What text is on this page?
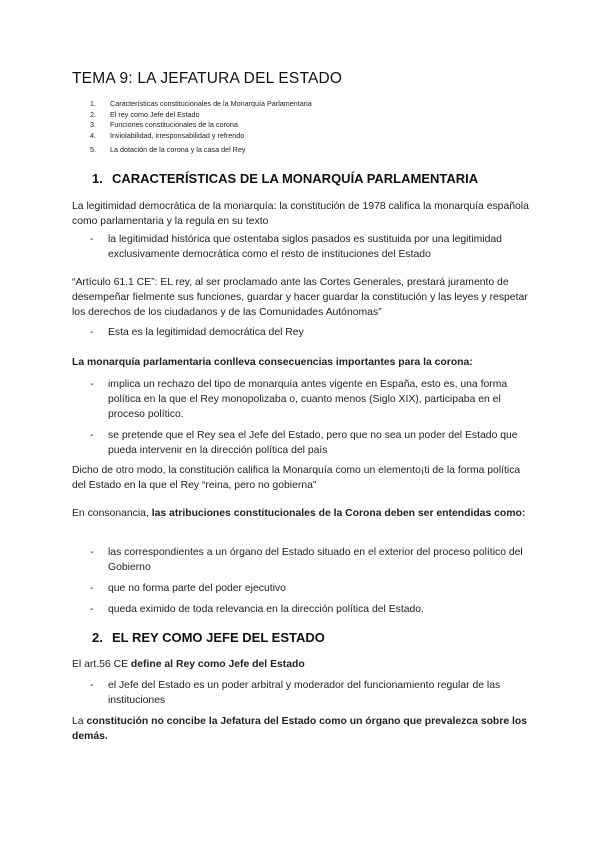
TEMA 9: LA JEFATURA DEL ESTADO
1. Características constitucionales de la Monarquía Parlamentaria
2. El rey como Jefe del Estado
3. Funciones constitucionales de la corona
4. Inviolabilidad, irresponsabilidad y refrendo
5. La dotación de la corona y la casa del Rey
1. CARACTERÍSTICAS DE LA MONARQUÍA PARLAMENTARIA
La legitimidad democrática de la monarquía: la constitución de 1978 califica la monarquía española como parlamentaria y la regula en su texto
- la legitimidad histórica que ostentaba siglos pasados es sustituida por una legitimidad exclusivamente democrática como el resto de instituciones del Estado
“Artículo 61.1 CE”: EL rey, al ser proclamado ante las Cortes Generales, prestará juramento de desempeñar fielmente sus funciones, guardar y hacer guardar la constitución y las leyes y respetar los derechos de los ciudadanos y de las Comunidades Autónomas”
- Esta es la legitimidad democrática del Rey
La monarquía parlamentaria conlleva consecuencias importantes para la corona:
- implica un rechazo del tipo de monarquía antes vigente en España, esto es, una forma política en la que el Rey monopolizaba o, cuanto menos (Siglo XIX), participaba en el proceso político.
- se pretende que el Rey sea el Jefe del Estado, pero que no sea un poder del Estado que pueda intervenir en la dirección política del país
Dicho de otro modo, la constitución califica la Monarquía como un elemento¡ti de la forma política del Estado en la que el Rey “reina, pero no gobierna”
En consonancia, las atribuciones constitucionales de la Corona deben ser entendidas como:
- las correspondientes a un órgano del Estado situado en el exterior del proceso político del Gobierno
- que no forma parte del poder ejecutivo
- queda eximido de toda relevancia en la dirección política del Estado.
2. EL REY COMO JEFE DEL ESTADO
El art.56 CE define al Rey como Jefe del Estado
- el Jefe del Estado es un poder arbitral y moderador del funcionamiento regular de las instituciones
La constitución no concibe la Jefatura del Estado como un órgano que prevalezca sobre los demás.
